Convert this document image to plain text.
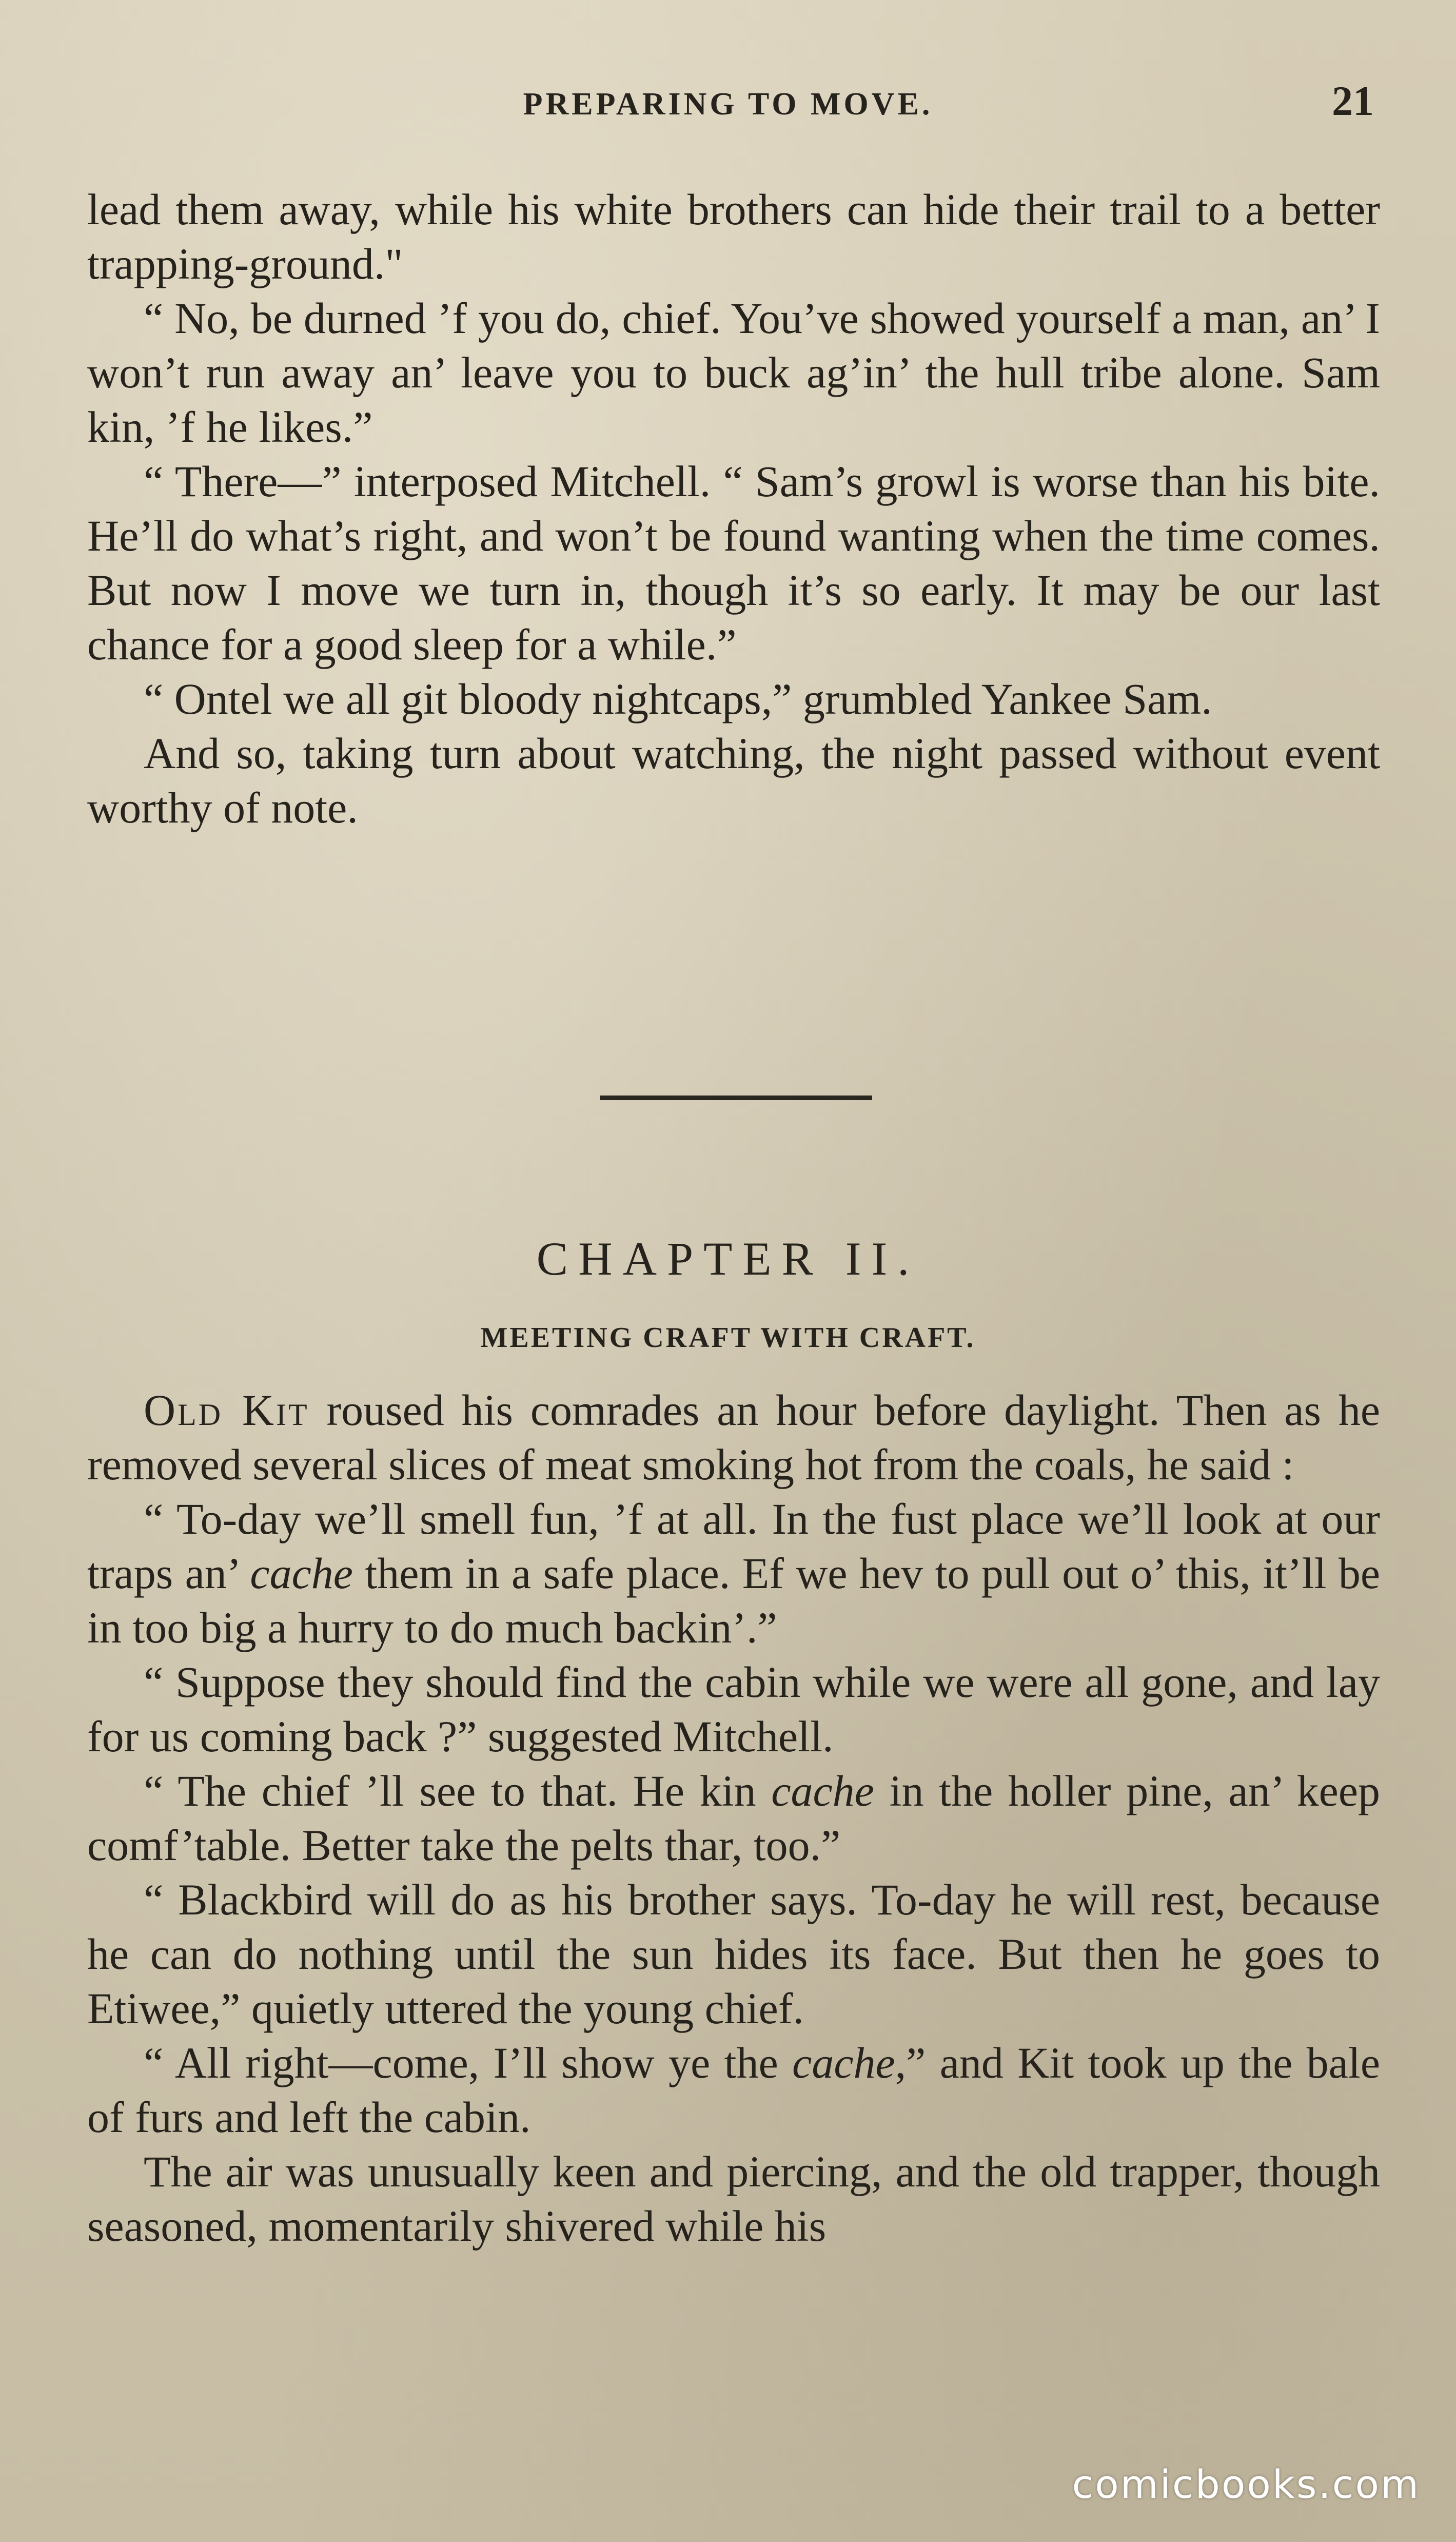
PREPARING TO MOVE.	21

lead them away, while his white brothers can hide their trail to a better trapping-ground."

“ No, be durned ’f you do, chief. You’ve showed yourself a man, an’ I won’t run away an’ leave you to buck ag’in’ the hull tribe alone. Sam kin, ’f he likes.”

“ There—” interposed Mitchell. “ Sam’s growl is worse than his bite. He’ll do what’s right, and won’t be found wanting when the time comes. But now I move we turn in, though it’s so early. It may be our last chance for a good sleep for a while.”

“ Ontel we all git bloody nightcaps,” grumbled Yankee Sam.

And so, taking turn about watching, the night passed without event worthy of note.

CHAPTER II.
MEETING CRAFT WITH CRAFT.

Old Kit roused his comrades an hour before daylight. Then as he removed several slices of meat smoking hot from the coals, he said :

“ To-day we’ll smell fun, ’f at all. In the fust place we’ll look at our traps an’ cache them in a safe place. Ef we hev to pull out o’ this, it’ll be in too big a hurry to do much backin’.”

“ Suppose they should find the cabin while we were all gone, and lay for us coming back ?” suggested Mitchell.

“ The chief ’ll see to that. He kin cache in the holler pine, an’ keep comf’table. Better take the pelts thar, too.”

“ Blackbird will do as his brother says. To-day he will rest, because he can do nothing until the sun hides its face. But then he goes to Etiwee,” quietly uttered the young chief.

“ All right—come, I’ll show ye the cache,” and Kit took up the bale of furs and left the cabin.

The air was unusually keen and piercing, and the old trapper, though seasoned, momentarily shivered while his

comicbooks.com
